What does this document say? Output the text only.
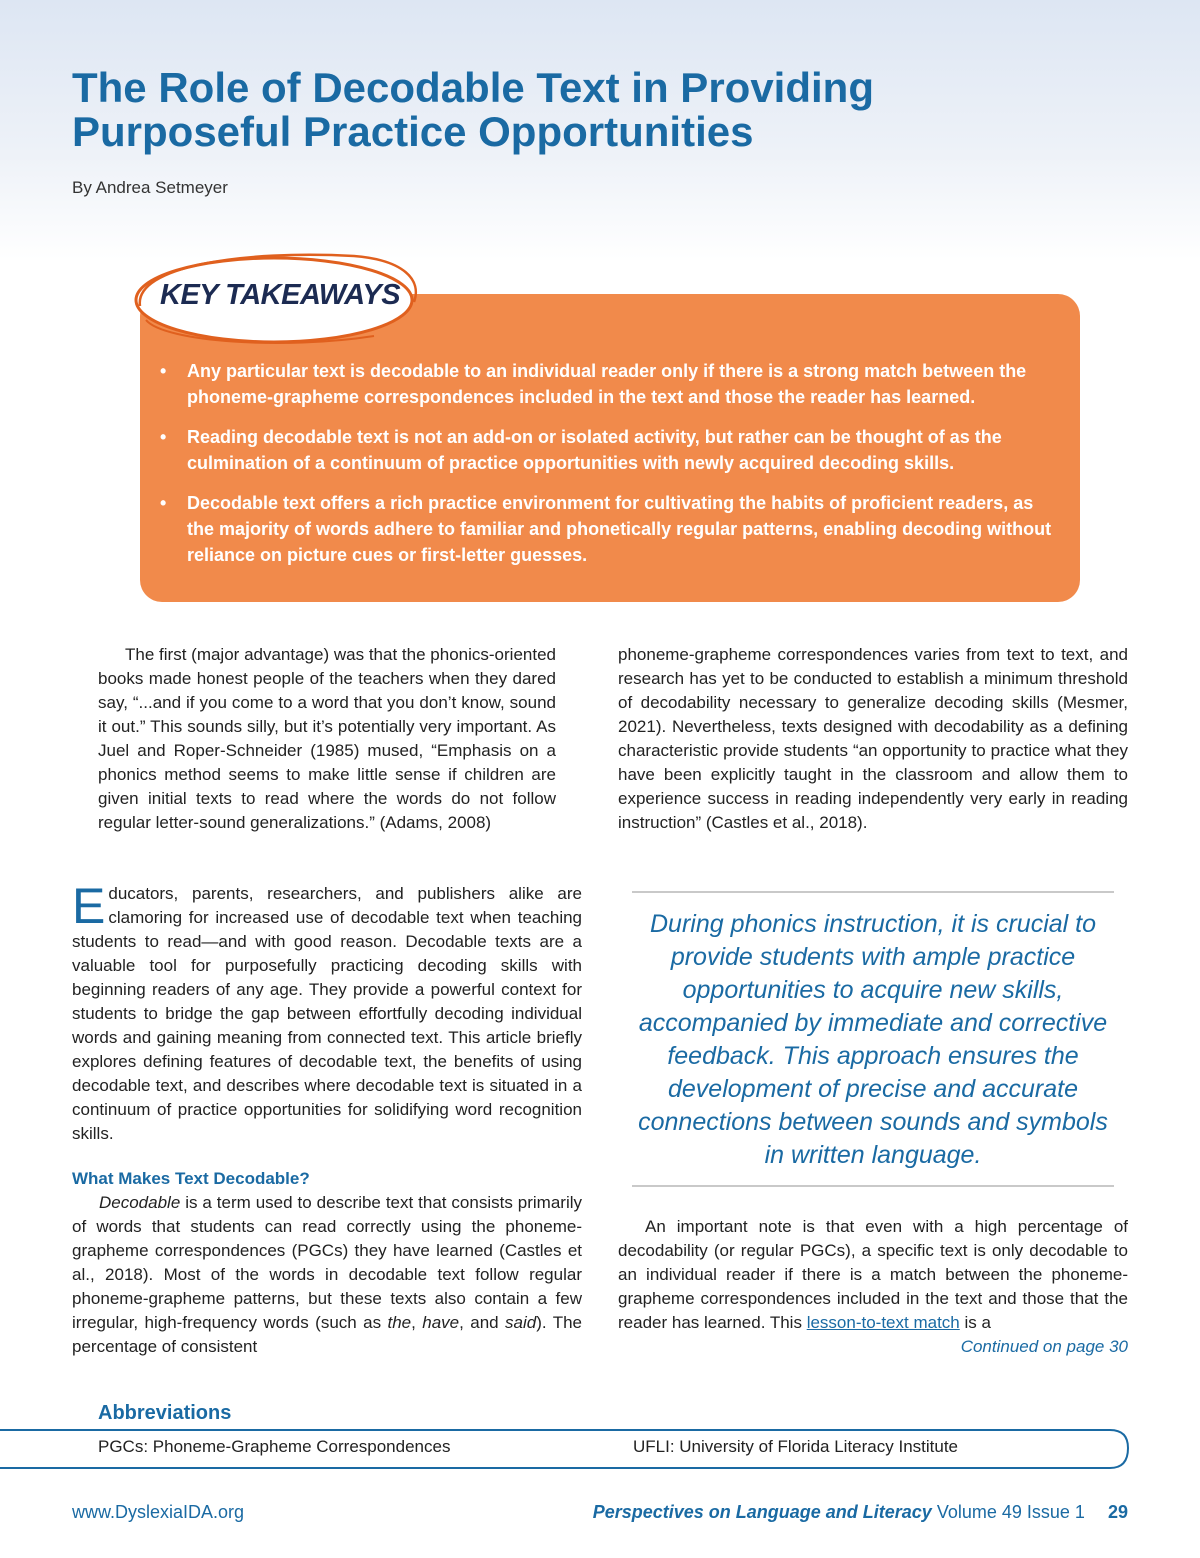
The Role of Decodable Text in Providing
Purposeful Practice Opportunities
By Andrea Setmeyer
KEY TAKEAWAYS
• Any particular text is decodable to an individual reader only if there is a strong match between the phoneme-grapheme correspondences included in the text and those the reader has learned.
• Reading decodable text is not an add-on or isolated activity, but rather can be thought of as the culmination of a continuum of practice opportunities with newly acquired decoding skills.
• Decodable text offers a rich practice environment for cultivating the habits of proficient readers, as the majority of words adhere to familiar and phonetically regular patterns, enabling decoding without reliance on picture cues or first-letter guesses.

The first (major advantage) was that the phonics-oriented books made honest people of the teachers when they dared say, “...and if you come to a word that you don’t know, sound it out.” This sounds silly, but it’s potentially very important. As Juel and Roper-Schneider (1985) mused, “Emphasis on a phonics method seems to make little sense if children are given initial texts to read where the words do not follow regular letter-sound generalizations.” (Adams, 2008)

phoneme-grapheme correspondences varies from text to text, and research has yet to be conducted to establish a minimum threshold of decodability necessary to generalize decoding skills (Mesmer, 2021). Nevertheless, texts designed with decodability as a defining characteristic provide students “an opportunity to practice what they have been explicitly taught in the classroom and allow them to experience success in reading independently very early in reading instruction” (Castles et al., 2018).

Educators, parents, researchers, and publishers alike are clamoring for increased use of decodable text when teaching students to read—and with good reason. Decodable texts are a valuable tool for purposefully practicing decoding skills with beginning readers of any age. They provide a powerful context for students to bridge the gap between effortfully decoding individual words and gaining meaning from connected text. This article briefly explores defining features of decodable text, the benefits of using decodable text, and describes where decodable text is situated in a continuum of practice opportunities for solidifying word recognition skills.

What Makes Text Decodable?

Decodable is a term used to describe text that consists primarily of words that students can read correctly using the phoneme-grapheme correspondences (PGCs) they have learned (Castles et al., 2018). Most of the words in decodable text follow regular phoneme-grapheme patterns, but these texts also contain a few irregular, high-frequency words (such as the, have, and said). The percentage of consistent

During phonics instruction, it is crucial to provide students with ample practice opportunities to acquire new skills, accompanied by immediate and corrective feedback. This approach ensures the development of precise and accurate connections between sounds and symbols in written language.

An important note is that even with a high percentage of decodability (or regular PGCs), a specific text is only decodable to an individual reader if there is a match between the phoneme-grapheme correspondences included in the text and those that the reader has learned. This lesson-to-text match is a

Continued on page 30
Abbreviations
PGCs: Phoneme-Grapheme Correspondences	UFLI: University of Florida Literacy Institute
www.DyslexiaIDA.org	Perspectives on Language and Literacy Volume 49 Issue 1 29
